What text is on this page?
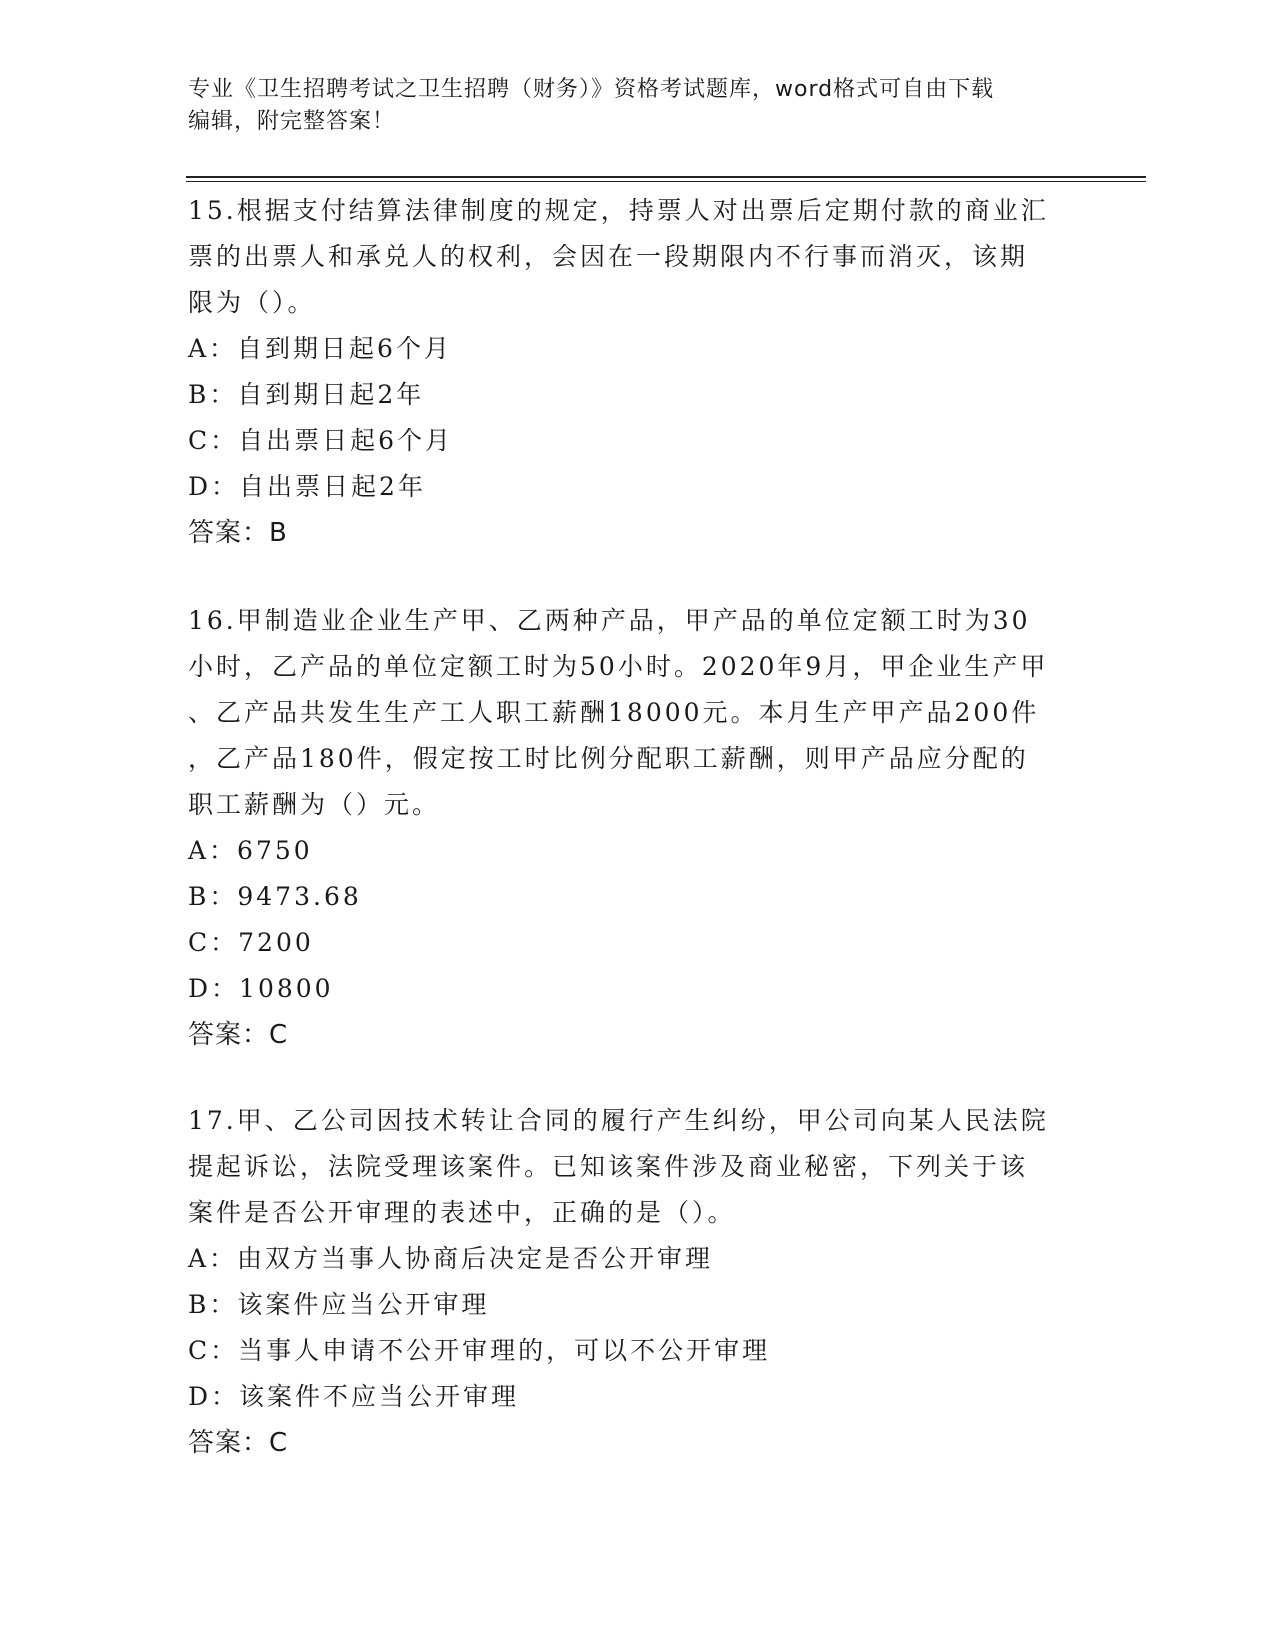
专业《卫生招聘考试之卫生招聘（财务）》资格考试题库，word格式可自由下载
编辑，附完整答案！

15.根据支付结算法律制度的规定，持票人对出票后定期付款的商业汇

票的出票人和承兑人的权利，会因在一段期限内不行事而消灭，该期

限为（）。

A：自到期日起6个月

B：自到期日起2年

C：自出票日起6个月

D：自出票日起2年

答案：B

16.甲制造业企业生产甲、乙两种产品，甲产品的单位定额工时为30

小时，乙产品的单位定额工时为50小时。2020年9月，甲企业生产甲

、乙产品共发生生产工人职工薪酬18000元。本月生产甲产品200件

，乙产品180件，假定按工时比例分配职工薪酬，则甲产品应分配的

职工薪酬为（）元。

A：6750

B：9473.68

C：7200

D：10800

答案：C

17.甲、乙公司因技术转让合同的履行产生纠纷，甲公司向某人民法院

提起诉讼，法院受理该案件。已知该案件涉及商业秘密，下列关于该

案件是否公开审理的表述中，正确的是（）。

A：由双方当事人协商后决定是否公开审理

B：该案件应当公开审理

C：当事人申请不公开审理的，可以不公开审理

D：该案件不应当公开审理

答案：C
